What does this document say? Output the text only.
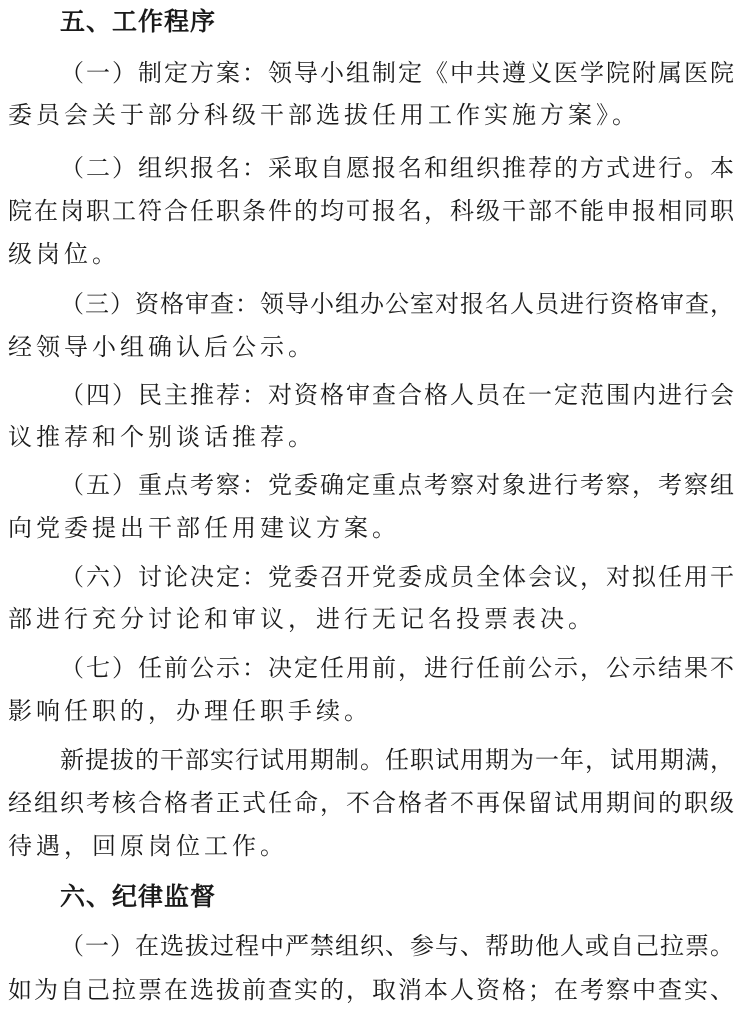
五、工作程序
（一）制定方案：领导小组制定《中共遵义医学院附属医院
委员会关于部分科级干部选拔任用工作实施方案》。
（二）组织报名：采取自愿报名和组织推荐的方式进行。本
院在岗职工符合任职条件的均可报名，科级干部不能申报相同职
级岗位。
（三）资格审查：领导小组办公室对报名人员进行资格审查，
经领导小组确认后公示。
（四）民主推荐：对资格审查合格人员在一定范围内进行会
议推荐和个别谈话推荐。
（五）重点考察：党委确定重点考察对象进行考察，考察组
向党委提出干部任用建议方案。
（六）讨论决定：党委召开党委成员全体会议，对拟任用干
部进行充分讨论和审议，进行无记名投票表决。
（七）任前公示：决定任用前，进行任前公示，公示结果不
影响任职的，办理任职手续。
新提拔的干部实行试用期制。任职试用期为一年，试用期满，
经组织考核合格者正式任命，不合格者不再保留试用期间的职级
待遇，回原岗位工作。
六、纪律监督
（一）在选拔过程中严禁组织、参与、帮助他人或自己拉票。
如为自己拉票在选拔前查实的，取消本人资格；在考察中查实、
